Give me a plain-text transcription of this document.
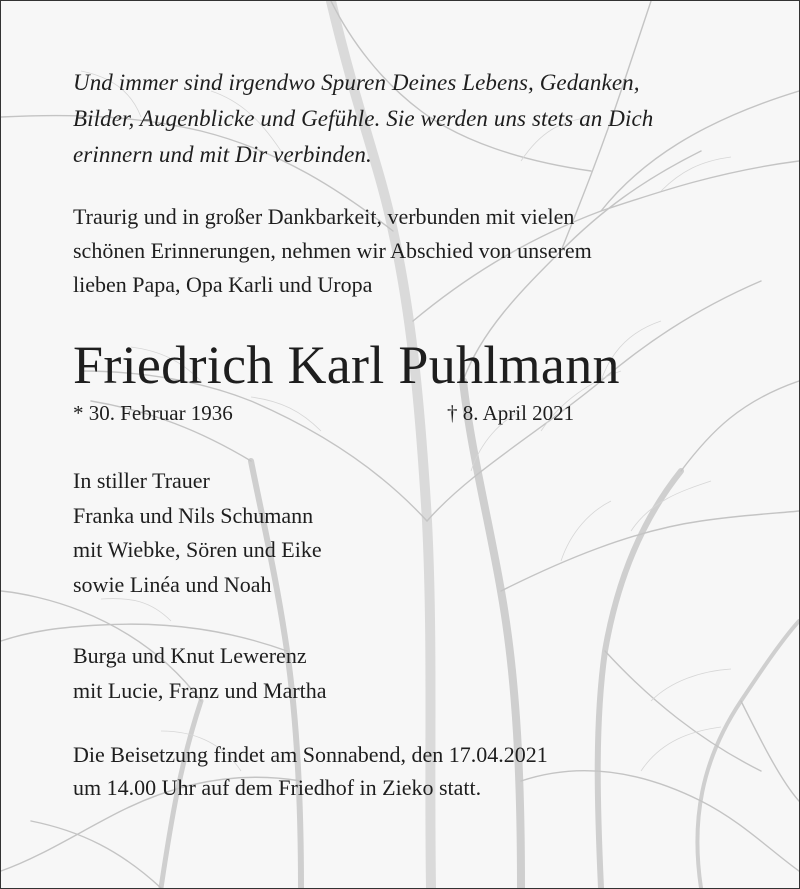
Und immer sind irgendwo Spuren Deines Lebens, Gedanken,
Bilder, Augenblicke und Gefühle. Sie werden uns stets an Dich
erinnern und mit Dir verbinden.
Traurig und in großer Dankbarkeit, verbunden mit vielen
schönen Erinnerungen, nehmen wir Abschied von unserem
lieben Papa, Opa Karli und Uropa
Friedrich Karl Puhlmann
* 30. Februar 1936	† 8. April 2021
In stiller Trauer
Franka und Nils Schumann
mit Wiebke, Sören und Eike
sowie Linéa und Noah
Burga und Knut Lewerenz
mit Lucie, Franz und Martha
Die Beisetzung findet am Sonnabend, den 17.04.2021
um 14.00 Uhr auf dem Friedhof in Zieko statt.
